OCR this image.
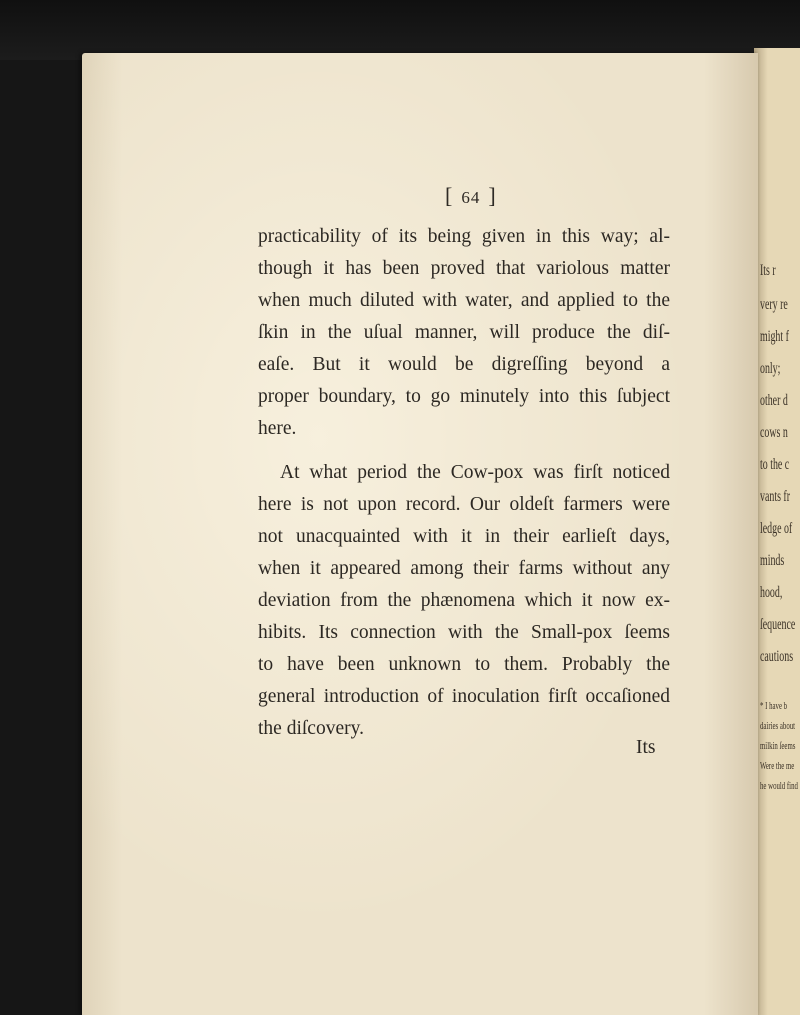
Its r
very re
might f
only;
other d
cows n
to the c
vants fr
ledge of
minds
hood,
ſequence
cautions
* I have b
dairies about
milkin ſeems
Were the me
he would find
[ 64 ]
practicability of its being given in this way; al-
though it has been proved that variolous matter
when much diluted with water, and applied to the
ſkin in the uſual manner, will produce the diſ-
eaſe. But it would be digreſſing beyond a
proper boundary, to go minutely into this ſubject
here.
At what period the Cow-pox was firſt noticed
here is not upon record. Our oldeſt farmers were
not unacquainted with it in their earlieſt days,
when it appeared among their farms without any
deviation from the phænomena which it now ex-
hibits. Its connection with the Small-pox ſeems
to have been unknown to them. Probably the
general introduction of inoculation firſt occaſioned
the diſcovery.
Its
